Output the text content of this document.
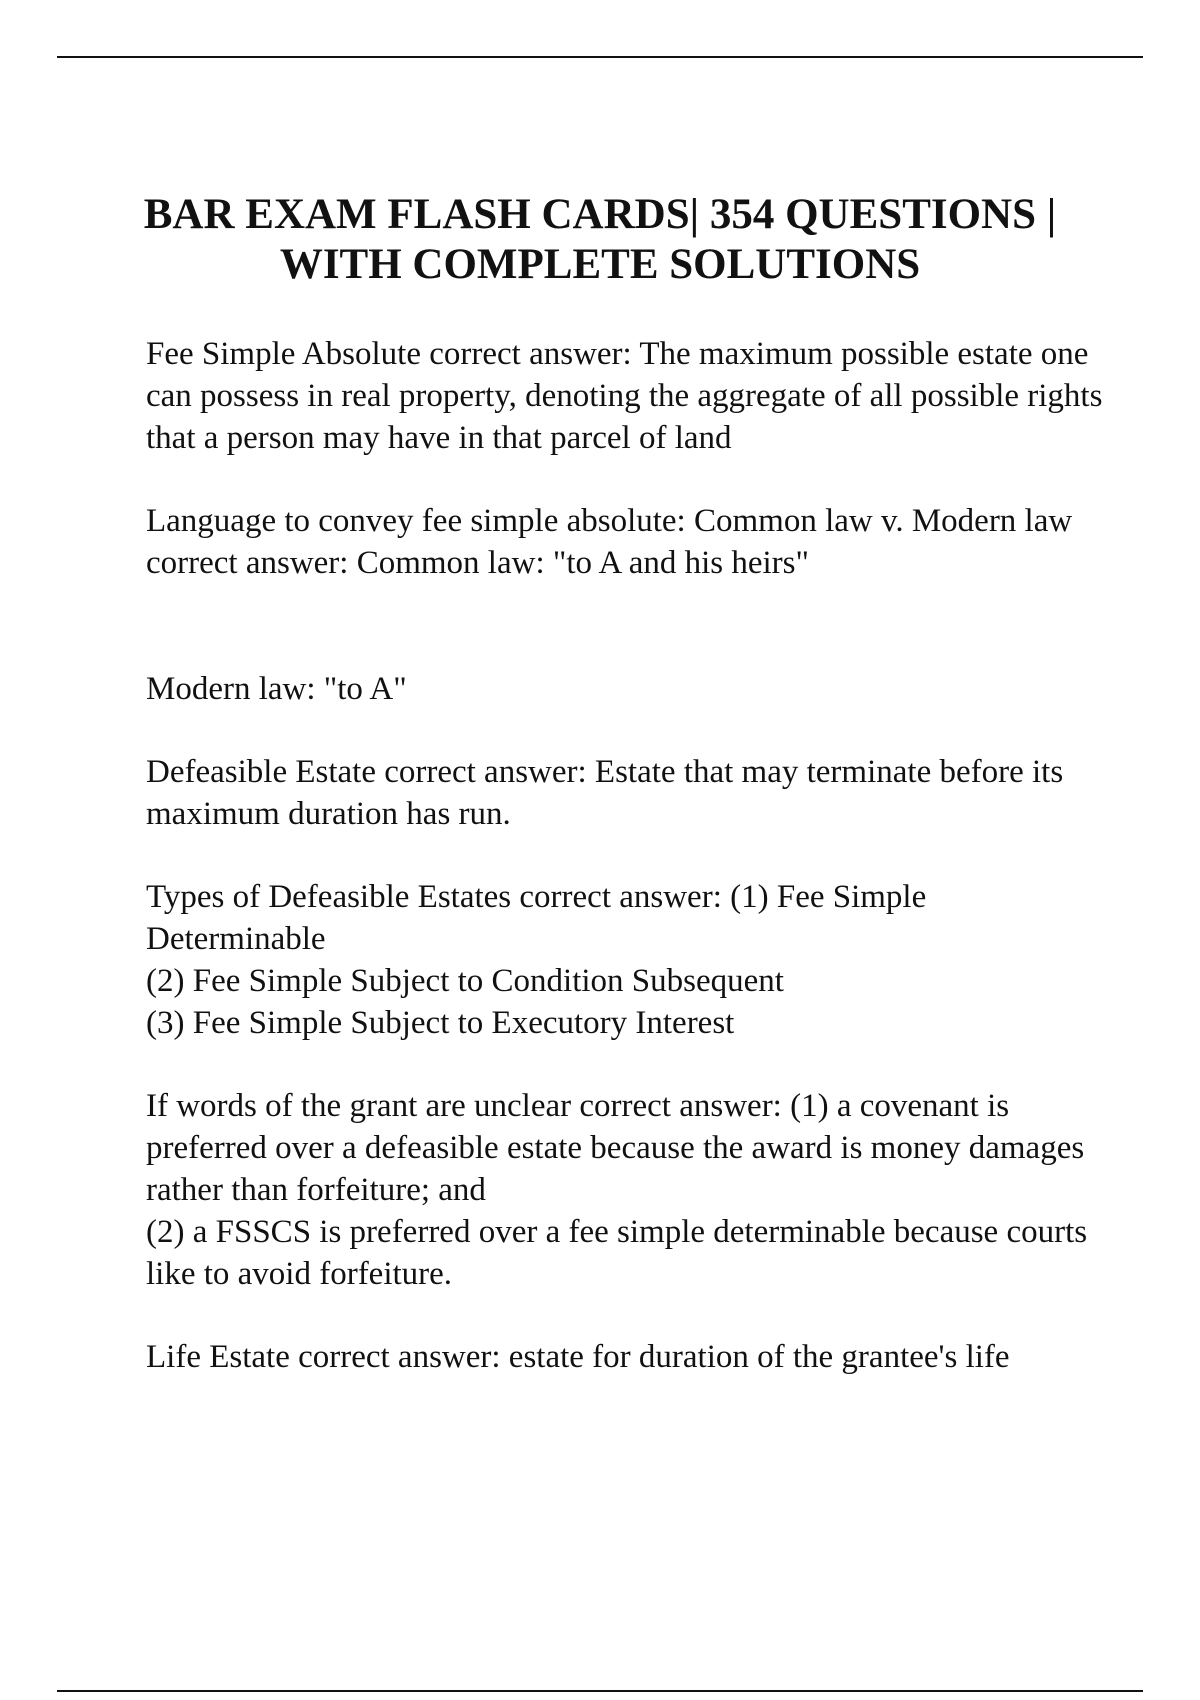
BAR EXAM FLASH CARDS| 354 QUESTIONS |
WITH COMPLETE SOLUTIONS

Fee Simple Absolute correct answer: The maximum possible estate one can possess in real property, denoting the aggregate of all possible rights that a person may have in that parcel of land

Language to convey fee simple absolute: Common law v. Modern law correct answer: Common law: "to A and his heirs"

Modern law: "to A"

Defeasible Estate correct answer: Estate that may terminate before its maximum duration has run.

Types of Defeasible Estates correct answer: (1) Fee Simple Determinable
(2) Fee Simple Subject to Condition Subsequent
(3) Fee Simple Subject to Executory Interest

If words of the grant are unclear correct answer: (1) a covenant is preferred over a defeasible estate because the award is money damages rather than forfeiture; and
(2) a FSSCS is preferred over a fee simple determinable because courts like to avoid forfeiture.

Life Estate correct answer: estate for duration of the grantee's life
